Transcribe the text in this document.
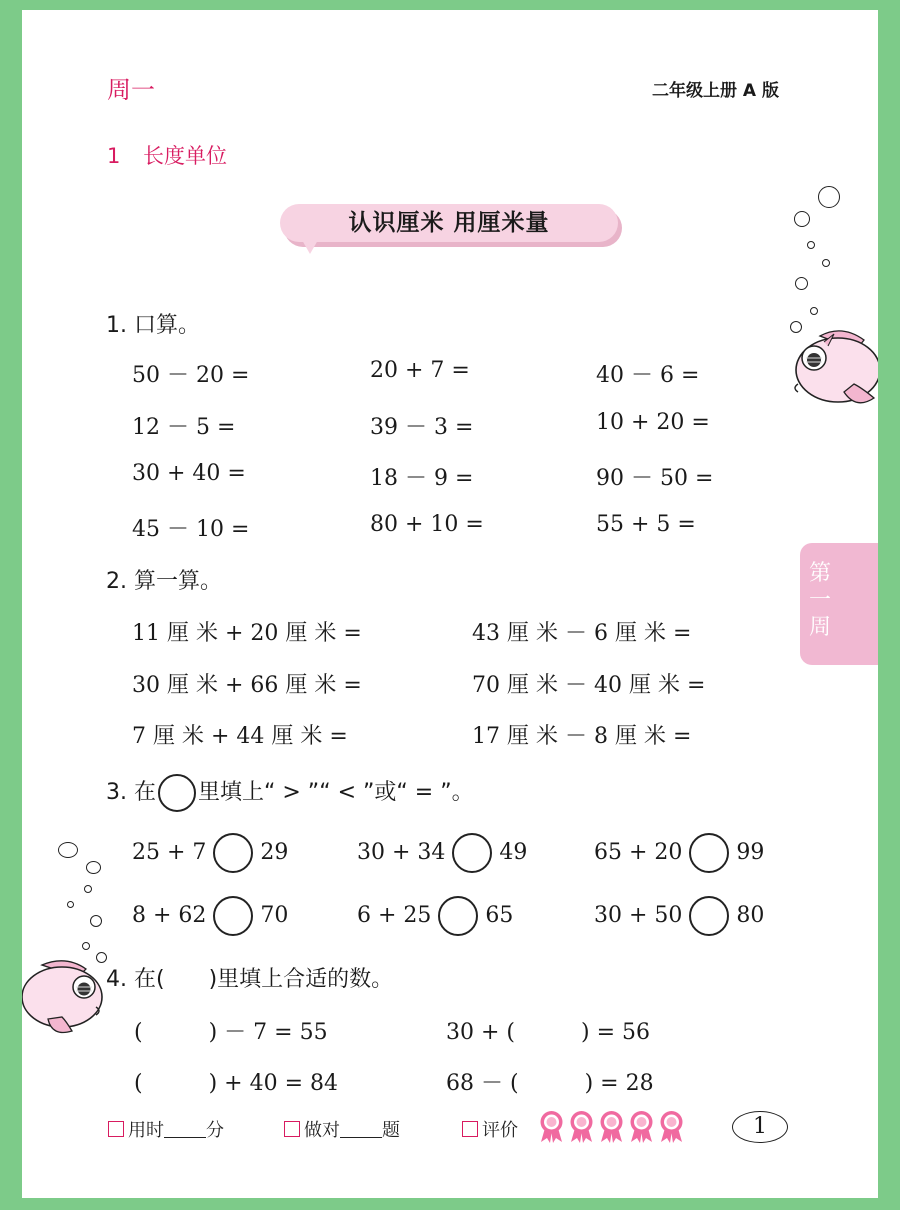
周一	二年级上册 A 版
1 长度单位
认识厘米 用厘米量
第一周
1. 口算。
50 － 20 =	20 + 7 =	40 － 6 =
12 － 5 =	39 － 3 =	10 + 20 =
30 + 40 =	18 － 9 =	90 － 50 =
45 － 10 =	80 + 10 =	55 + 5 =
2. 算一算。
11 厘 米 + 20 厘 米 =	43 厘 米 － 6 厘 米 =
30 厘 米 + 66 厘 米 =	70 厘 米 － 40 厘 米 =
7 厘 米 + 44 厘 米 =	17 厘 米 － 8 厘 米 =
3. 在 里填上“ > ”“ < ”或“ = ”。
25 + 7 29	30 + 34 49	65 + 20 99
8 + 62 70	6 + 25 65	30 + 50 80
4. 在(　　)里填上合适的数。
(　　　) － 7 = 55	30 + (　　　) = 56
(　　　) + 40 = 84	68 － (　　　) = 28
用时 分	做对 题	评价	1
